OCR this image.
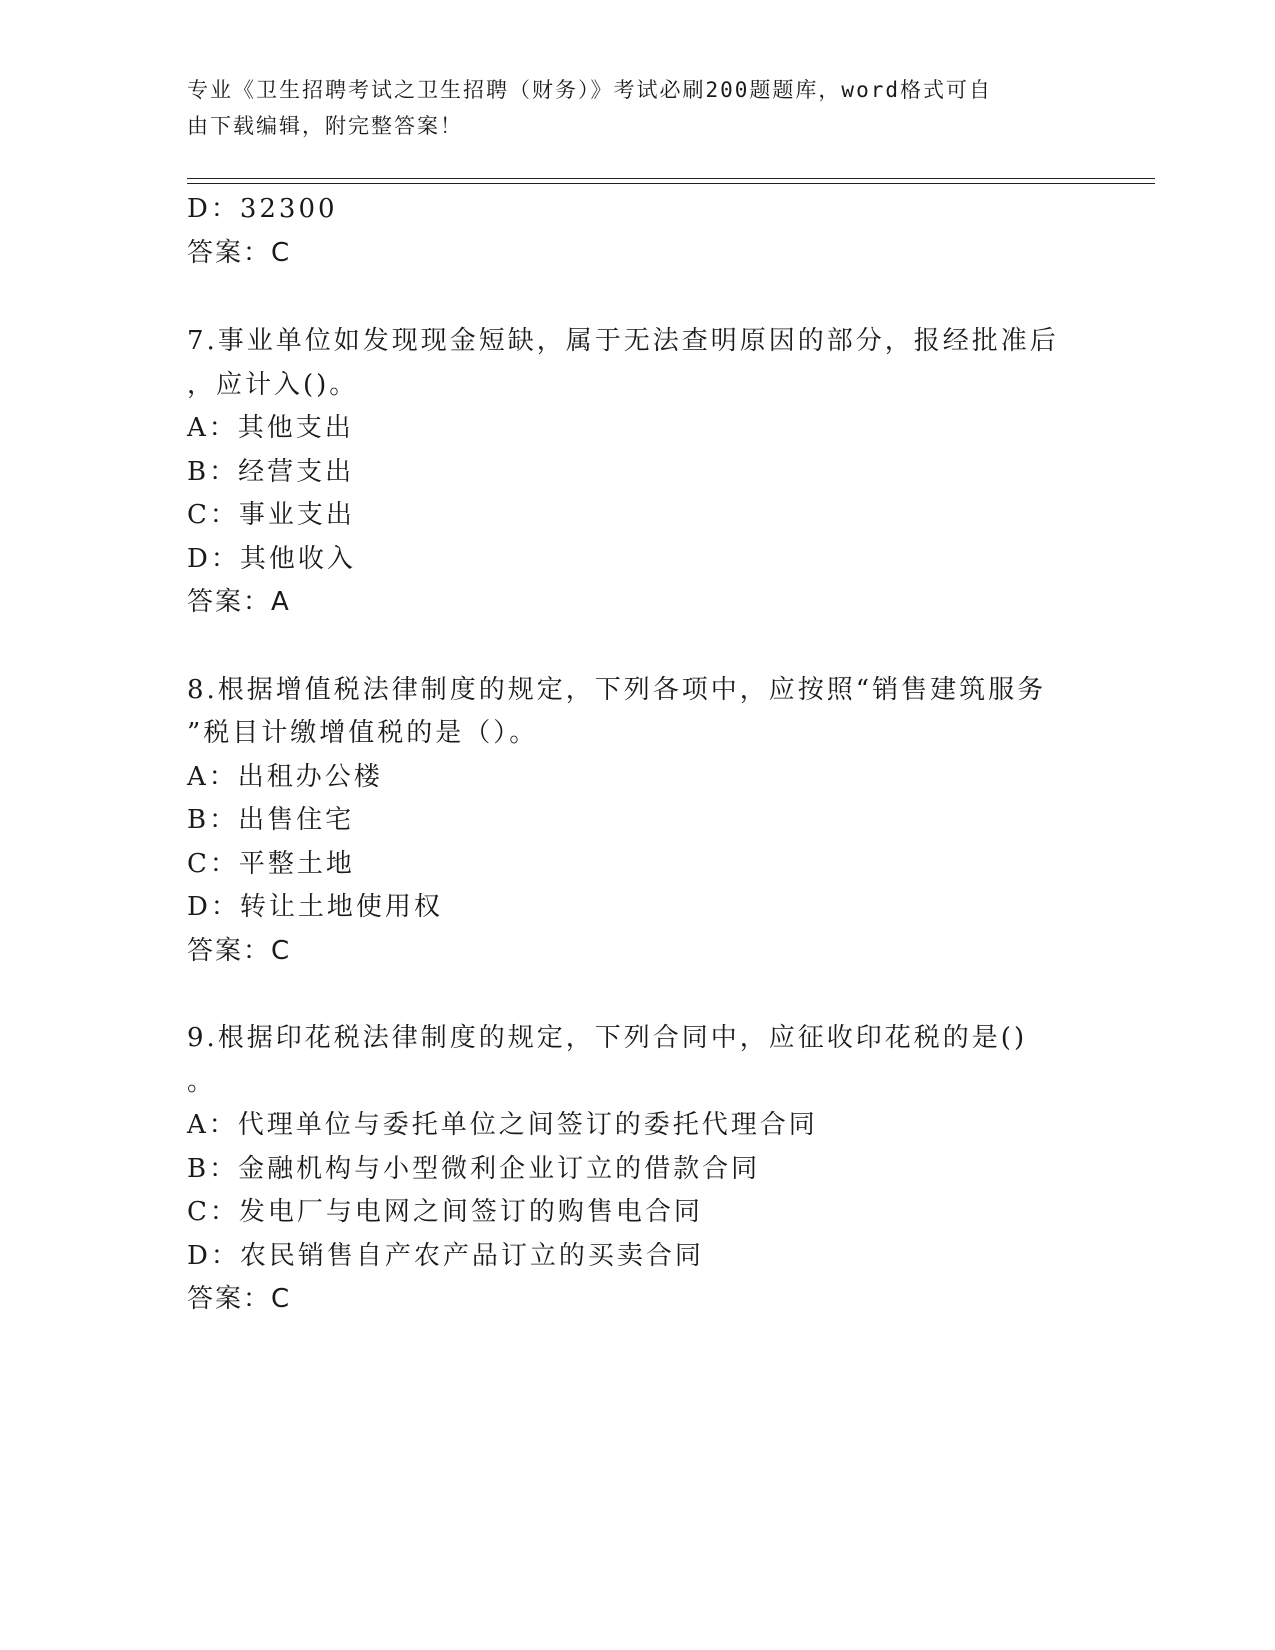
专业《卫生招聘考试之卫生招聘（财务）》考试必刷200题题库，word格式可自
由下载编辑，附完整答案！
D：32300
答案：C
7.事业单位如发现现金短缺，属于无法查明原因的部分，报经批准后
，应计入()。
A：其他支出
B：经营支出
C：事业支出
D：其他收入
答案：A
8.根据增值税法律制度的规定，下列各项中，应按照“销售建筑服务
”税目计缴增值税的是（）。
A：出租办公楼
B：出售住宅
C：平整土地
D：转让土地使用权
答案：C
9.根据印花税法律制度的规定，下列合同中，应征收印花税的是()
。
A：代理单位与委托单位之间签订的委托代理合同
B：金融机构与小型微利企业订立的借款合同
C：发电厂与电网之间签订的购售电合同
D：农民销售自产农产品订立的买卖合同
答案：C
